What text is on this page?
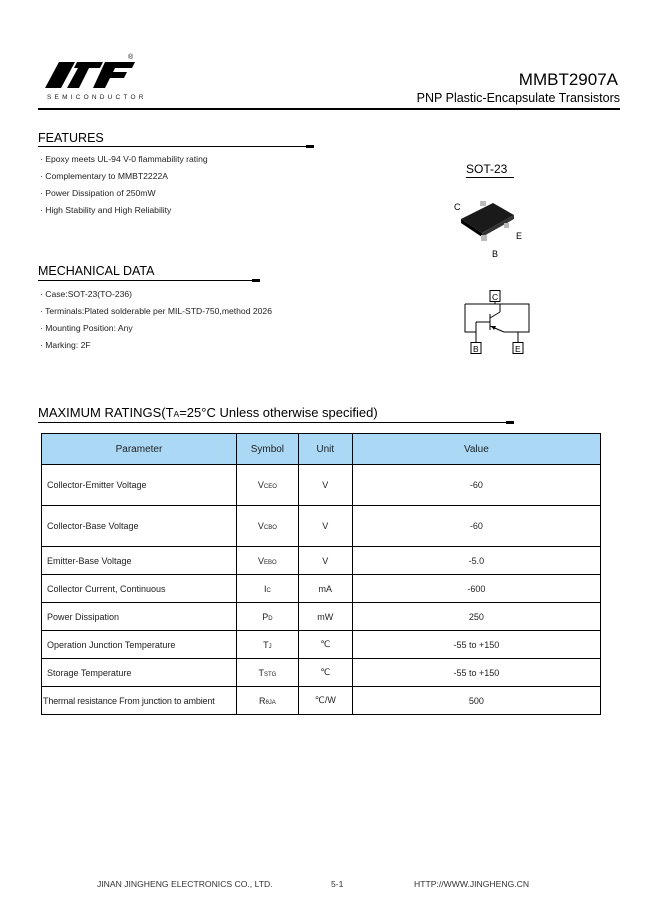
®
SEMICONDUCTOR
MMBT2907A
PNP Plastic-Encapsulate Transistors
FEATURES
· Epoxy meets UL-94 V-0 flammability rating
· Complementary to MMBT2222A
· Power Dissipation of 250mW
· High Stability and High Reliability
SOT-23
C
E
B
C
B	E
MECHANICAL DATA
· Case:SOT-23(TO-236)
· Terminals:Plated solderable per MIL-STD-750,method 2026
· Mounting Position: Any
· Marking: 2F
MAXIMUM RATINGS(TA=25°C Unless otherwise specified)
Parameter	Symbol	Unit	Value
Collector-Emitter Voltage	VCEO	V	-60
Collector-Base Voltage	VCBO	V	-60
Emitter-Base Voltage	VEBO	V	-5.0
Collector Current, Continuous	IC	mA	-600
Power Dissipation	PD	mW	250
Operation Junction Temperature	TJ	℃	-55 to +150
Storage Temperature	TSTG	℃	-55 to +150
Thermal resistance From junction to ambient	RθJA	℃/W	500
JINAN JINGHENG ELECTRONICS CO., LTD.	5-1	HTTP://WWW.JINGHENG.CN
